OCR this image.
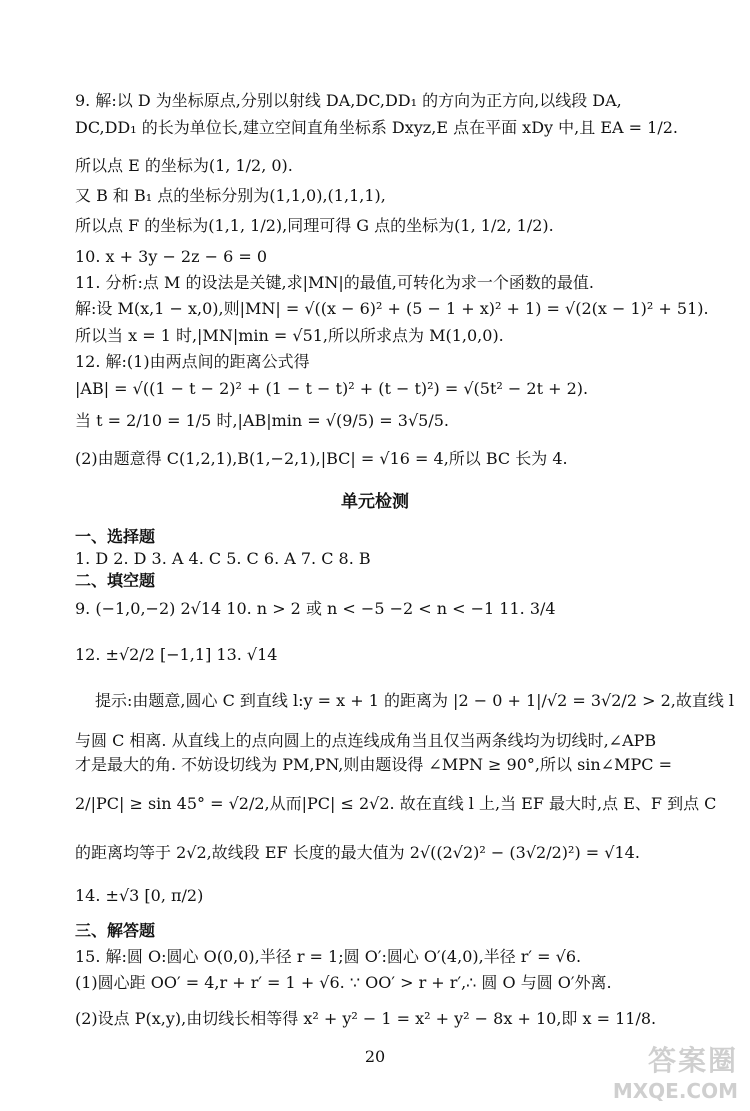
9. 解:以 D 为坐标原点,分别以射线 DA,DC,DD₁ 的方向为正方向,以线段 DA,
DC,DD₁ 的长为单位长,建立空间直角坐标系 Dxyz,E 点在平面 xDy 中,且 EA = 1/2.
所以点 E 的坐标为(1, 1/2, 0).
又 B 和 B₁ 点的坐标分别为(1,1,0),(1,1,1),
所以点 F 的坐标为(1,1, 1/2),同理可得 G 点的坐标为(1, 1/2, 1/2).
10. x + 3y − 2z − 6 = 0
11. 分析:点 M 的设法是关键,求|MN|的最值,可转化为求一个函数的最值.
解:设 M(x,1 − x,0),则|MN| = √((x − 6)² + (5 − 1 + x)² + 1) = √(2(x − 1)² + 51).
所以当 x = 1 时,|MN|min = √51,所以所求点为 M(1,0,0).
12. 解:(1)由两点间的距离公式得
|AB| = √((1 − t − 2)² + (1 − t − t)² + (t − t)²) = √(5t² − 2t + 2).
当 t = 2/10 = 1/5 时,|AB|min = √(9/5) = 3√5/5.
(2)由题意得 C(1,2,1),B(1,−2,1),|BC| = √16 = 4,所以 BC 长为 4.
一、选择题
1. D 2. D 3. A 4. C 5. C 6. A 7. C 8. B
二、填空题
9. (−1,0,−2) 2√14 10. n > 2 或 n < −5 −2 < n < −1 11. 3/4
12. ±√2/2 [−1,1] 13. √14
提示:由题意,圆心 C 到直线 l:y = x + 1 的距离为 |2 − 0 + 1|/√2 = 3√2/2 > 2,故直线 l
与圆 C 相离. 从直线上的点向圆上的点连线成角当且仅当两条线均为切线时,∠APB
才是最大的角. 不妨设切线为 PM,PN,则由题设得 ∠MPN ≥ 90°,所以 sin∠MPC =
2/|PC| ≥ sin 45° = √2/2,从而|PC| ≤ 2√2. 故在直线 l 上,当 EF 最大时,点 E、F 到点 C
的距离均等于 2√2,故线段 EF 长度的最大值为 2√((2√2)² − (3√2/2)²) = √14.
14. ±√3 [0, π/2)
三、解答题
15. 解:圆 O:圆心 O(0,0),半径 r = 1;圆 O′:圆心 O′(4,0),半径 r′ = √6.
(1)圆心距 OO′ = 4,r + r′ = 1 + √6. ∵ OO′ > r + r′,∴ 圆 O 与圆 O′外离.
(2)设点 P(x,y),由切线长相等得 x² + y² − 1 = x² + y² − 8x + 10,即 x = 11/8.
单元检测
20	答案圈
MXQE.COM
